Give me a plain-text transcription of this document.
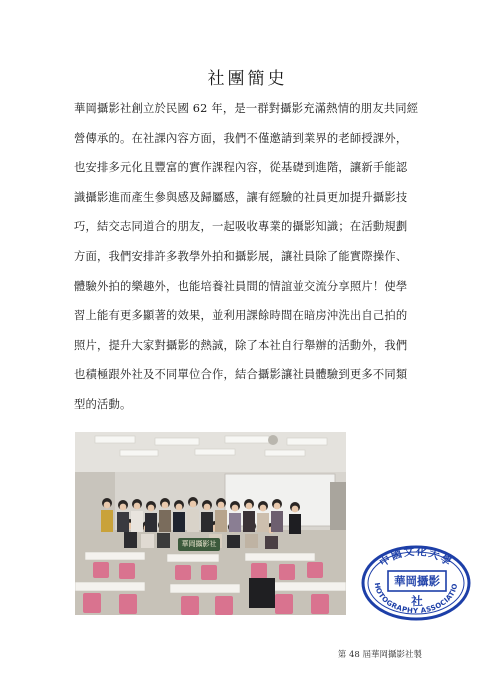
社團簡史
華岡攝影社創立於民國 62 年，是一群對攝影充滿熱情的朋友共同經
營傳承的。在社課內容方面，我們不僅邀請到業界的老師授課外，
也安排多元化且豐富的實作課程內容，從基礎到進階，讓新手能認
識攝影進而產生參與感及歸屬感，讓有經驗的社員更加提升攝影技
巧，結交志同道合的朋友，一起吸收專業的攝影知識；在活動規劃
方面，我們安排許多教學外拍和攝影展，讓社員除了能實際操作、
體驗外拍的樂趣外，也能培養社員間的情誼並交流分享照片！使學
習上能有更多顯著的效果，並利用課餘時間在暗房沖洗出自己拍的
照片，提升大家對攝影的熱誠，除了本社自行舉辦的活動外，我們
也積極跟外社及不同單位合作，結合攝影讓社員體驗到更多不同類
型的活動。
華岡攝影社
中國文化大學
HOTOGRAPHY ASSOCIATIO
華岡攝影社
第 48 屆華岡攝影社製
